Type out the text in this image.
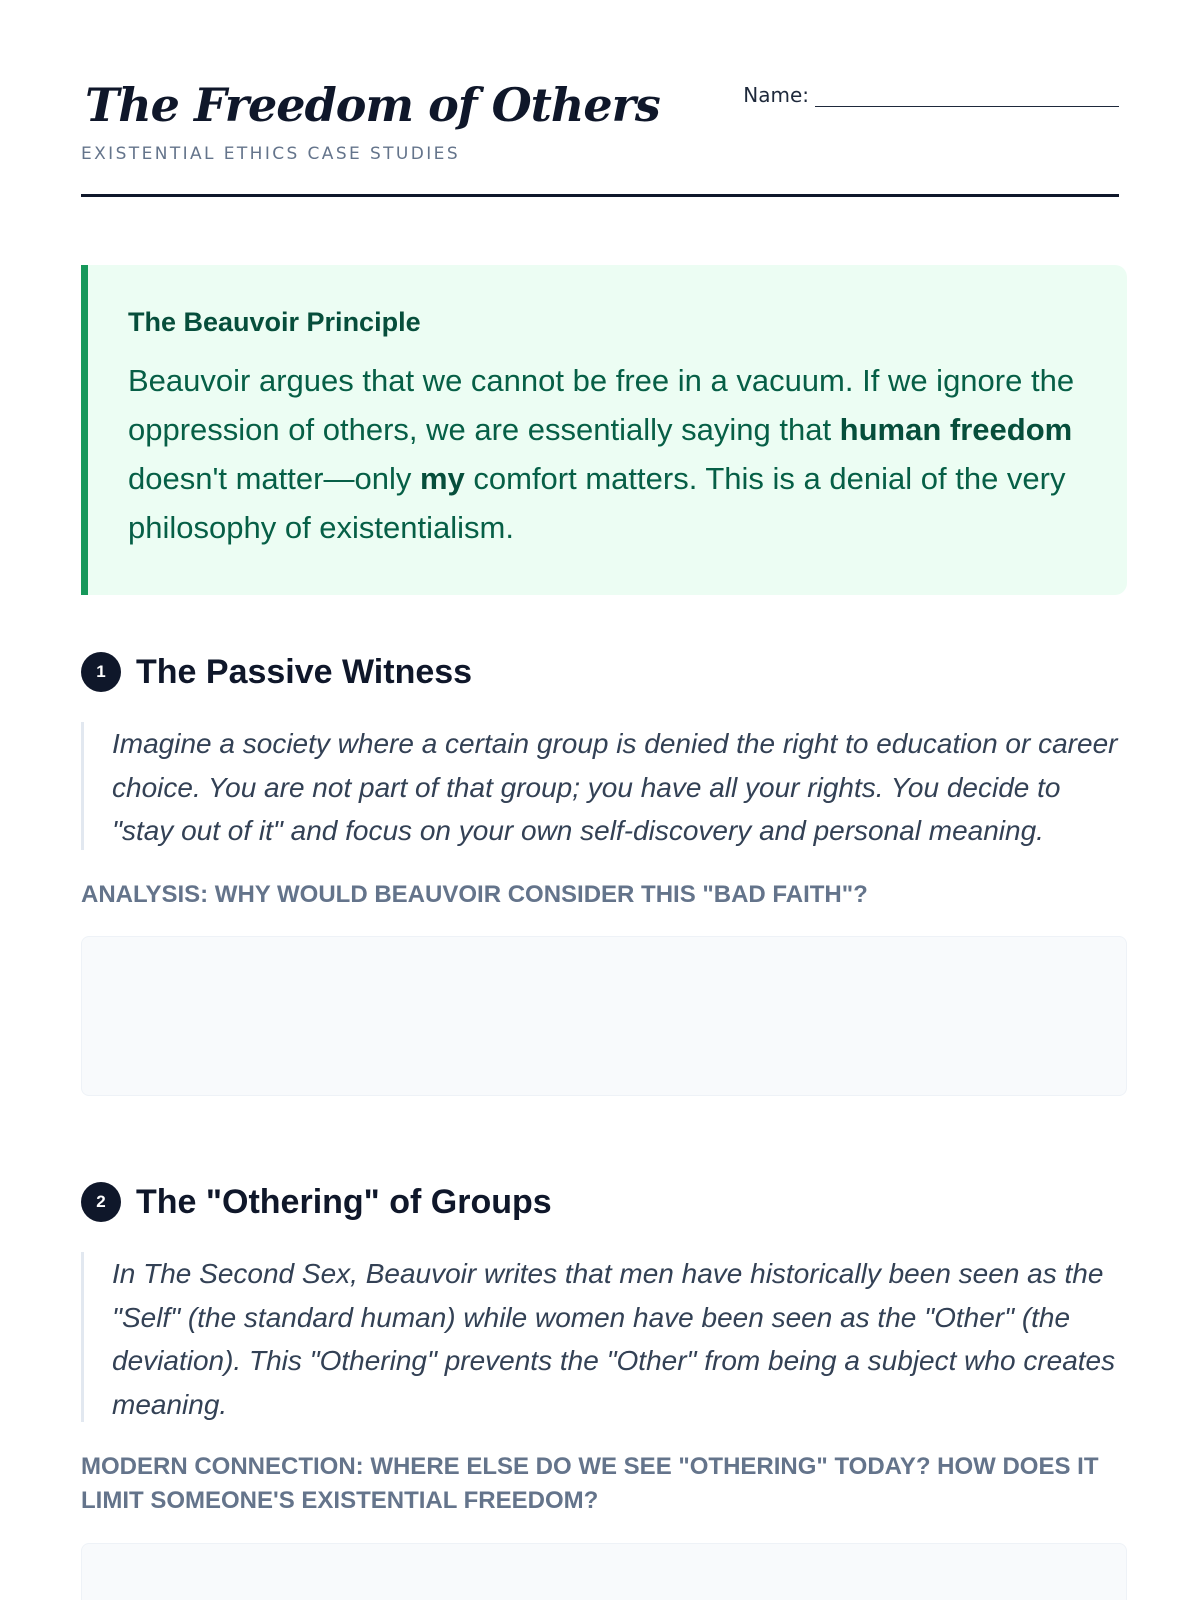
The Freedom of Others
EXISTENTIAL ETHICS CASE STUDIES
Name:
The Beauvoir Principle
Beauvoir argues that we cannot be free in a vacuum. If we ignore the oppression of others, we are essentially saying that human freedom doesn't matter—only my comfort matters. This is a denial of the very philosophy of existentialism.
1 The Passive Witness
Imagine a society where a certain group is denied the right to education or career choice. You are not part of that group; you have all your rights. You decide to "stay out of it" and focus on your own self-discovery and personal meaning.
ANALYSIS: WHY WOULD BEAUVOIR CONSIDER THIS "BAD FAITH"?
2 The "Othering" of Groups
In The Second Sex, Beauvoir writes that men have historically been seen as the "Self" (the standard human) while women have been seen as the "Other" (the deviation). This "Othering" prevents the "Other" from being a subject who creates meaning.
MODERN CONNECTION: WHERE ELSE DO WE SEE "OTHERING" TODAY? HOW DOES IT LIMIT SOMEONE'S EXISTENTIAL FREEDOM?
